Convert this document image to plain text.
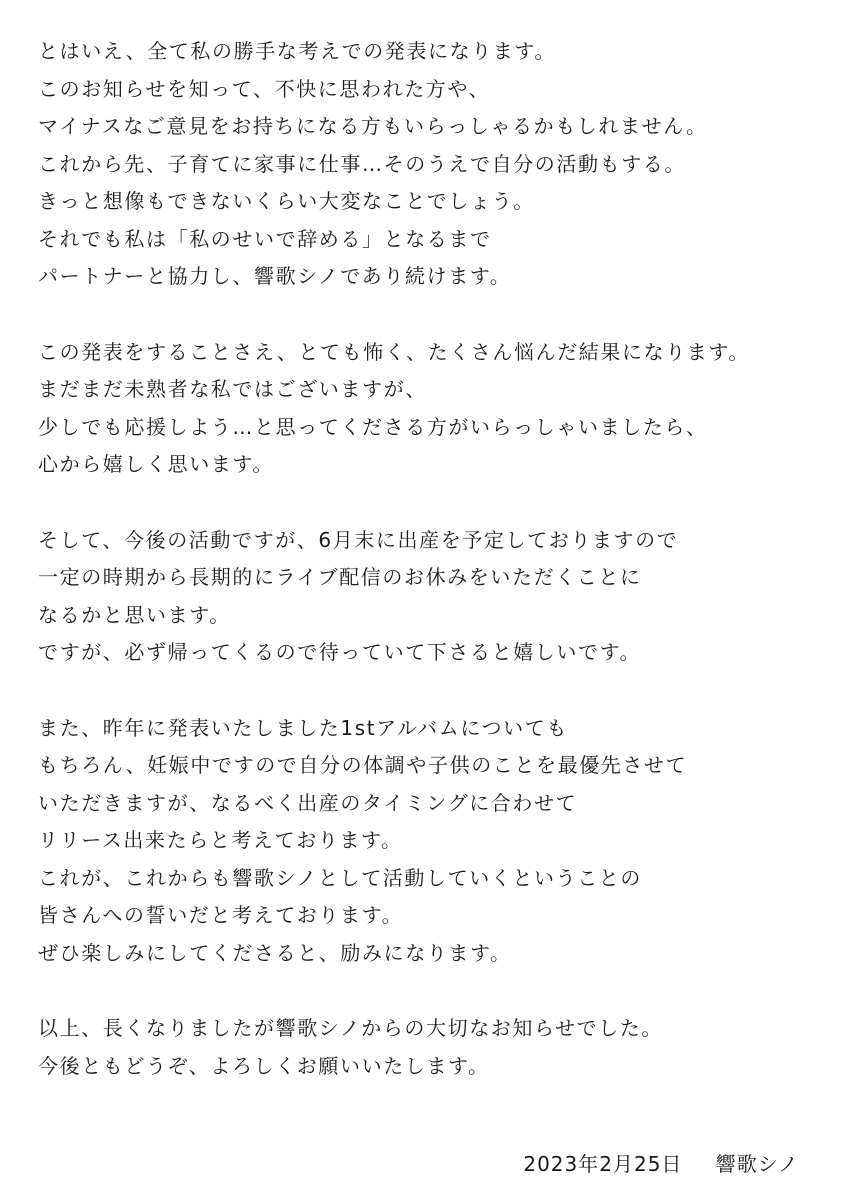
とはいえ、全て私の勝手な考えでの発表になります。
このお知らせを知って、不快に思われた方や、
マイナスなご意見をお持ちになる方もいらっしゃるかもしれません。
これから先、子育てに家事に仕事…そのうえで自分の活動もする。
きっと想像もできないくらい大変なことでしょう。
それでも私は「私のせいで辞める」となるまで
パートナーと協力し、響歌シノであり続けます。
この発表をすることさえ、とても怖く、たくさん悩んだ結果になります。
まだまだ未熟者な私ではございますが、
少しでも応援しよう…と思ってくださる方がいらっしゃいましたら、
心から嬉しく思います。
そして、今後の活動ですが、6月末に出産を予定しておりますので
一定の時期から長期的にライブ配信のお休みをいただくことに
なるかと思います。
ですが、必ず帰ってくるので待っていて下さると嬉しいです。
また、昨年に発表いたしました1stアルバムについても
もちろん、妊娠中ですので自分の体調や子供のことを最優先させて
いただきますが、なるべく出産のタイミングに合わせて
リリース出来たらと考えております。
これが、これからも響歌シノとして活動していくということの
皆さんへの誓いだと考えております。
ぜひ楽しみにしてくださると、励みになります。
以上、長くなりましたが響歌シノからの大切なお知らせでした。
今後ともどうぞ、よろしくお願いいたします。
2023年2月25日 響歌シノ
